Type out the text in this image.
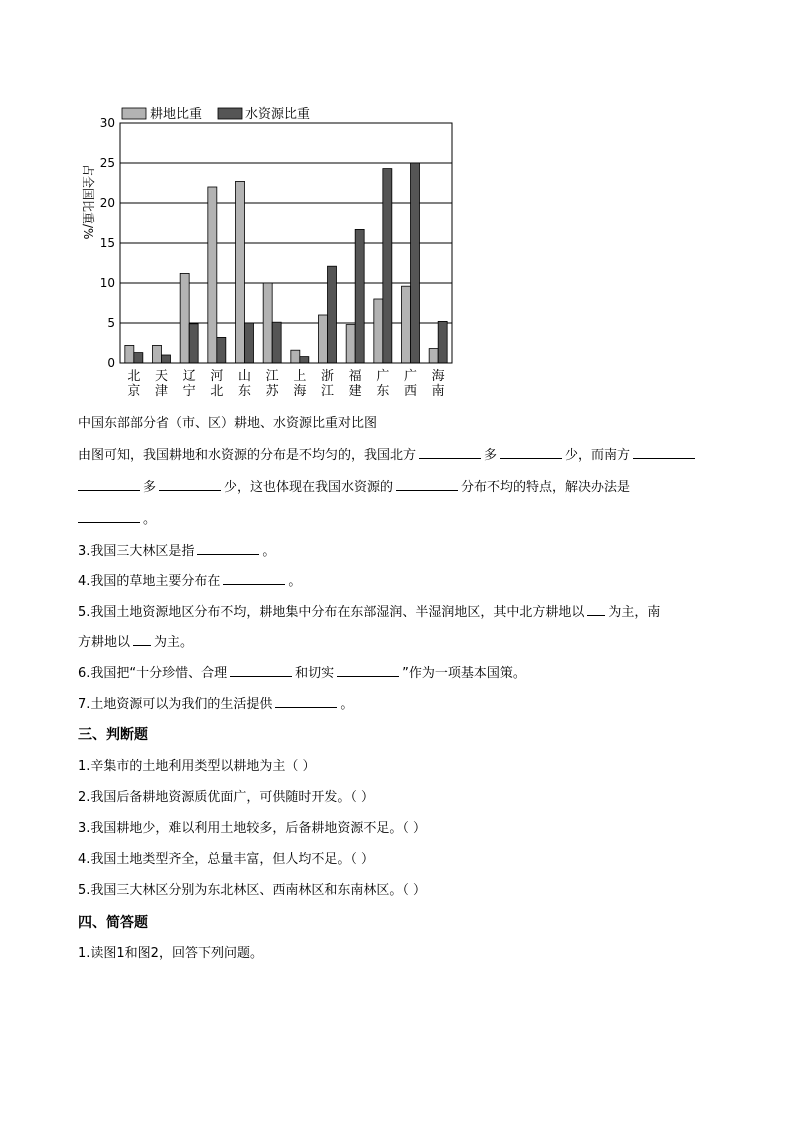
耕地比重	水资源比重
占全国比重/%
0
5
10
15
20
25
30
北
京
天
津
辽
宁
河
北
山
东
江
苏
上
海
浙
江
福
建
广
东
广
西
海
南
中国东部部分省（市、区）耕地、水资源比重对比图
由图可知，我国耕地和水资源的分布是不均匀的，我国北方	多	少，而南方
多	少，这也体现在我国水资源的	分布不均的特点，解决办法是
。
3.我国三大林区是指	。
4.我国的草地主要分布在	。
5.我国土地资源地区分布不均，耕地集中分布在东部湿润、半湿润地区，其中北方耕地以 为主，南
方耕地以 为主。
6.我国把“十分珍惜、合理	和切实	”作为一项基本国策。
7.土地资源可以为我们的生活提供	。
三、判断题
1.辛集市的土地利用类型以耕地为主（ ）
2.我国后备耕地资源质优面广，可供随时开发。（ ）
3.我国耕地少，难以利用土地较多，后备耕地资源不足。（ ）
4.我国土地类型齐全，总量丰富，但人均不足。（ ）
5.我国三大林区分别为东北林区、西南林区和东南林区。（ ）
四、简答题
1.读图1和图2，回答下列问题。
